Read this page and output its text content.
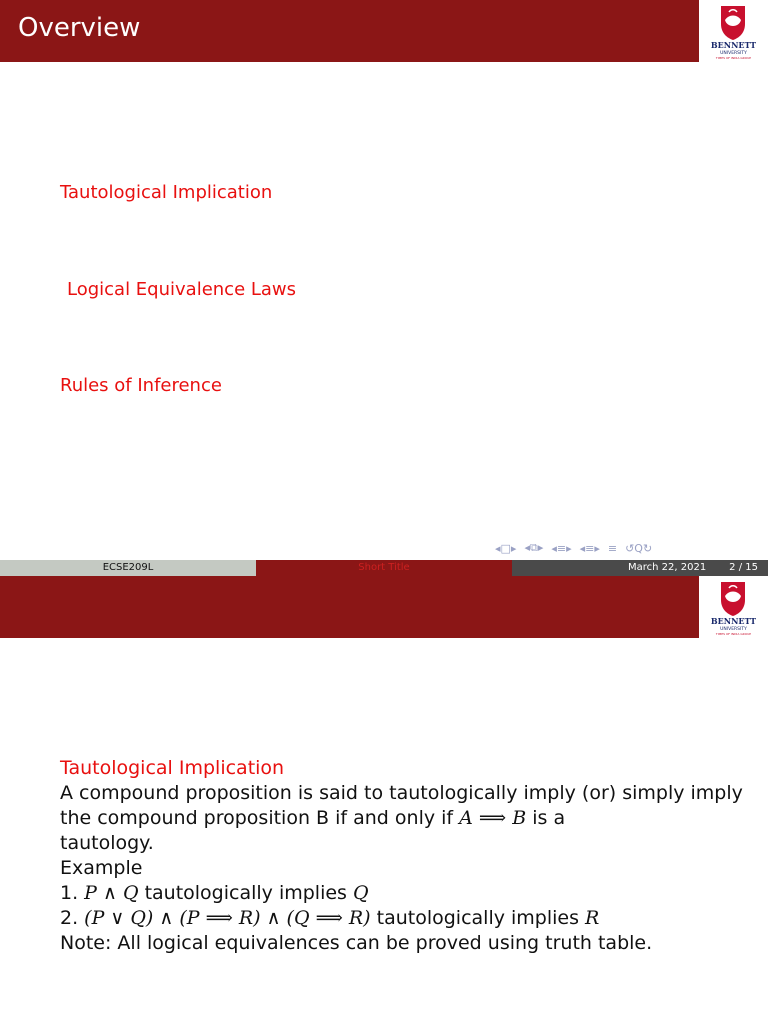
Overview
BENNETT
UNIVERSITY
TIMES OF INDIA GROUP
Tautological Implication
Logical Equivalence Laws
Rules of Inference
◂□▸ ◂⧉▸ ◂≡▸ ◂≡▸ ≡ ↺Q↻
ECSE209L	Short Title	March 22, 2021 2 / 15
BENNETT
UNIVERSITY
TIMES OF INDIA GROUP
Tautological Implication
A compound proposition is said to tautologically imply (or) simply imply
the compound proposition B if and only if A ⟹ B is a
tautology.
Example
1. P ∧ Q tautologically implies Q
2. (P ∨ Q) ∧ (P ⟹ R) ∧ (Q ⟹ R) tautologically implies R
Note: All logical equivalences can be proved using truth table.
